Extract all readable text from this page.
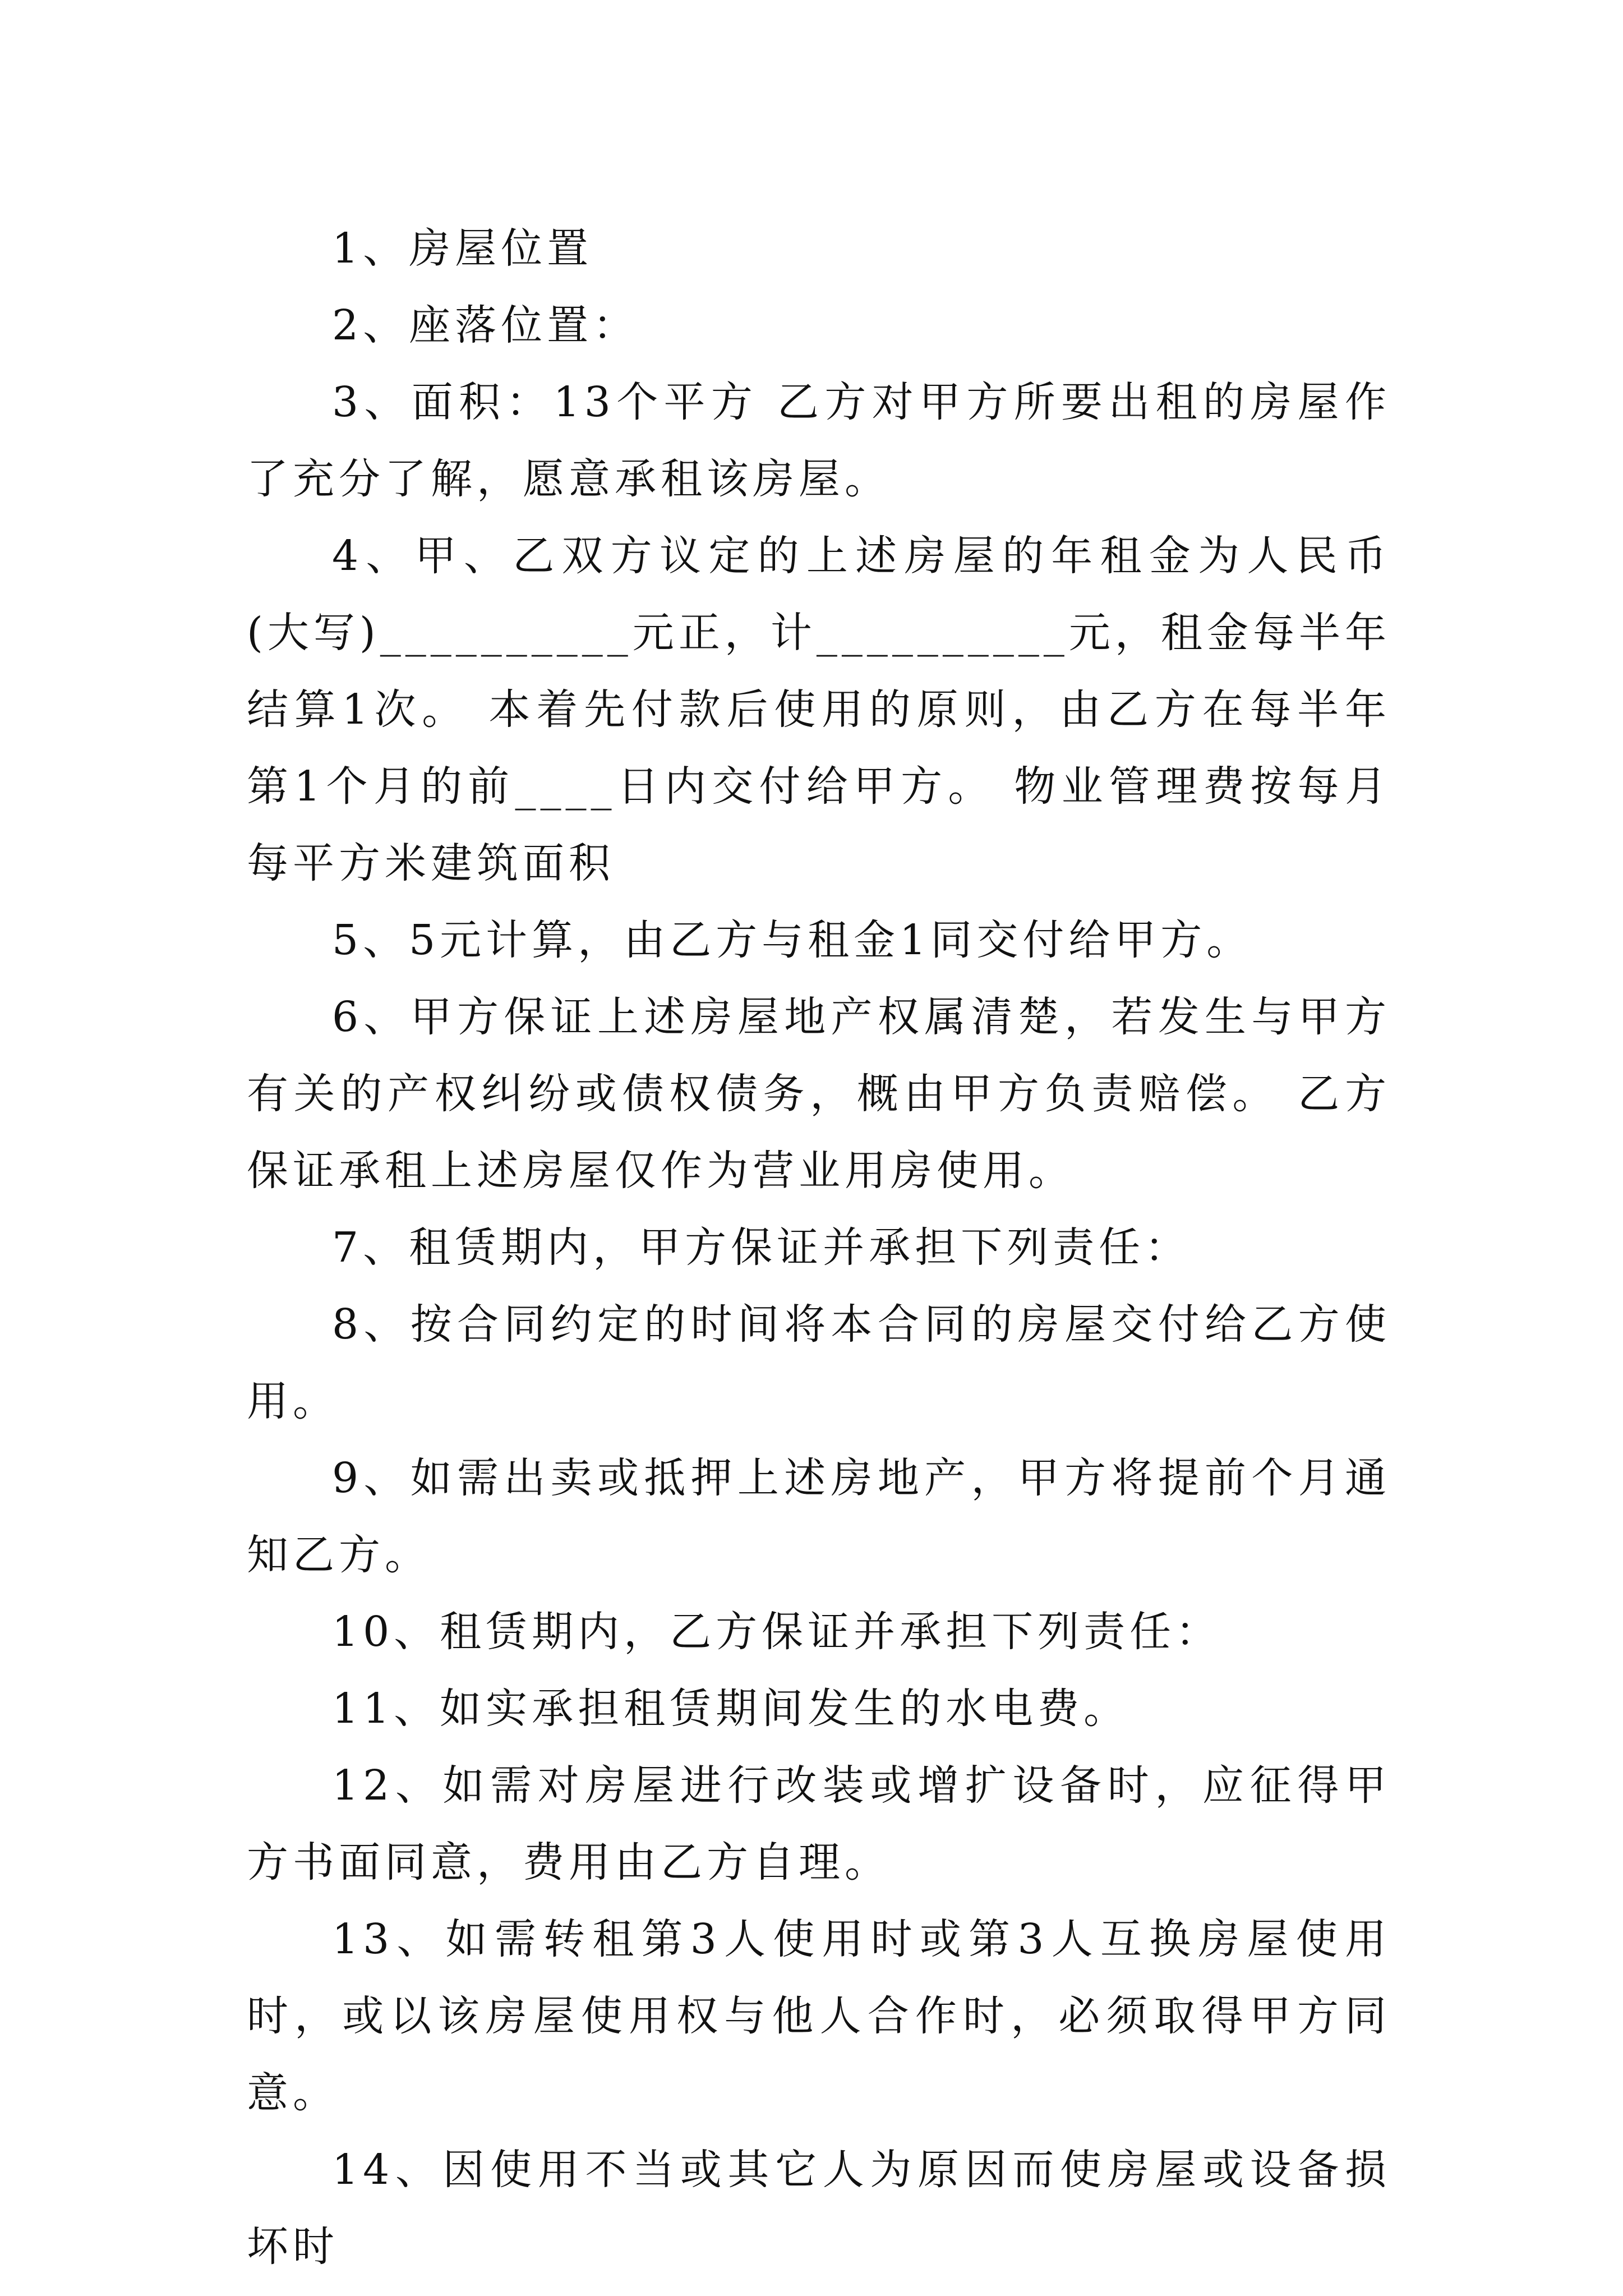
1、房屋位置

2、座落位置：

3、面积：13个平方 乙方对甲方所要出租的房屋作了充分了解，愿意承租该房屋。

4、甲、乙双方议定的上述房屋的年租金为人民币(大写)__________元正，计__________元，租金每半年结算1次。 本着先付款后使用的原则，由乙方在每半年第1个月的前____日内交付给甲方。 物业管理费按每月每平方米建筑面积

5、5元计算，由乙方与租金1同交付给甲方。

6、甲方保证上述房屋地产权属清楚，若发生与甲方有关的产权纠纷或债权债务，概由甲方负责赔偿。 乙方保证承租上述房屋仅作为营业用房使用。

7、租赁期内，甲方保证并承担下列责任：

8、按合同约定的时间将本合同的房屋交付给乙方使用。

9、如需出卖或抵押上述房地产，甲方将提前个月通知乙方。

10、租赁期内，乙方保证并承担下列责任：

11、如实承担租赁期间发生的水电费。

12、如需对房屋进行改装或增扩设备时，应征得甲方书面同意，费用由乙方自理。

13、如需转租第3人使用时或第3人互换房屋使用时，或以该房屋使用权与他人合作时，必须取得甲方同意。

14、因使用不当或其它人为原因而使房屋或设备损坏时
